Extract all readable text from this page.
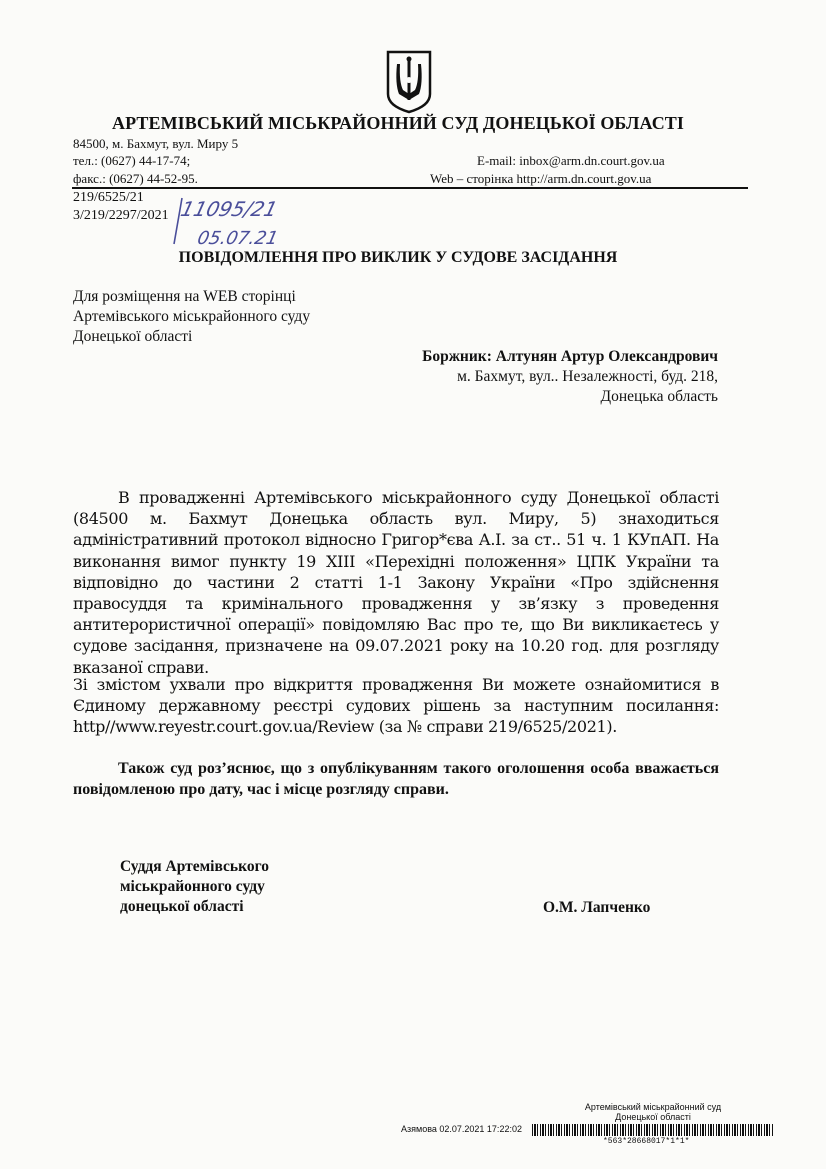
АРТЕМІВСЬКИЙ МІСЬКРАЙОННИЙ СУД ДОНЕЦЬКОЇ ОБЛАСТІ
84500, м. Бахмут, вул. Миру 5
тел.: (0627) 44-17-74;
факс.: (0627) 44-52-95.
E-mail: inbox@arm.dn.court.gov.ua
Web – сторінка http://arm.dn.court.gov.ua
219/6525/21
3/219/2297/2021 11095/21
05.07.21
ПОВІДОМЛЕННЯ ПРО ВИКЛИК У СУДОВЕ ЗАСІДАННЯ
Для розміщення на WEB сторінці
Артемівського міськрайонного суду
Донецької області
Боржник: Алтунян Артур Олександрович
м. Бахмут, вул.. Незалежності, буд. 218,
Донецька область
В провадженні Артемівського міськрайонного суду Донецької області (84500 м. Бахмут Донецька область вул. Миру, 5) знаходиться адміністративний протокол відносно Григор*єва А.І. за ст.. 51 ч. 1 КУпАП. На виконання вимог пункту 19 XIII «Перехідні положення» ЦПК України та відповідно до частини 2 статті 1-1 Закону України «Про здійснення правосуддя та кримінального провадження у зв’язку з проведення антитерористичної операції» повідомляю Вас про те, що Ви викликаєтесь у судове засідання, призначене на 09.07.2021 року на 10.20 год. для розгляду вказаної справи.
Зі змістом ухвали про відкриття провадження Ви можете ознайомитися в Єдиному державному реєстрі судових рішень за наступним посилання: http//www.reyestr.court.gov.ua/Review (за № справи 219/6525/2021).
Також суд роз’яснює, що з опублікуванням такого оголошення особа вважається повідомленою про дату, час і місце розгляду справи.
Суддя Артемівського
міськрайонного суду
донецької області	О.М. Лапченко
Артемівський міськрайонний суд
Донецької області
Азямова 02.07.2021 17:22:02
*563*28668017*1*1*
